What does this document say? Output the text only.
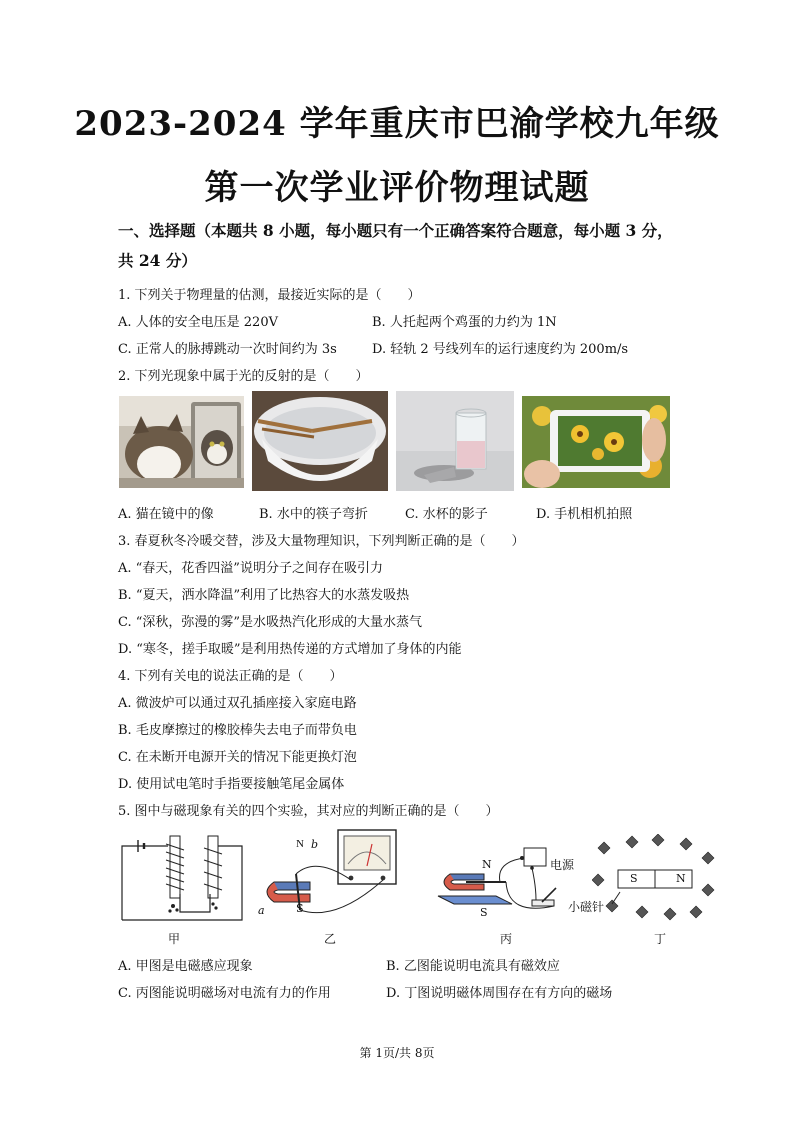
2023-2024 学年重庆市巴渝学校九年级
第一次学业评价物理试题
一、选择题（本题共 8 小题，每小题只有一个正确答案符合题意，每小题 3 分，
共 24 分）
1. 下列关于物理量的估测，最接近实际的是（　　）
A. 人体的安全电压是 220V	B. 人托起两个鸡蛋的力约为 1N
C. 正常人的脉搏跳动一次时间约为 3s	D. 轻轨 2 号线列车的运行速度约为 200m/s
2. 下列光现象中属于光的反射的是（　　）
A. 猫在镜中的像	B. 水中的筷子弯折	C. 水杯的影子	D. 手机相机拍照
3. 春夏秋冬冷暖交替，涉及大量物理知识，下列判断正确的是（　　）
A. “春天，花香四溢”说明分子之间存在吸引力
B. “夏天，洒水降温”利用了比热容大的水蒸发吸热
C. “深秋，弥漫的雾”是水吸热汽化形成的大量水蒸气
D. “寒冬，搓手取暖”是利用热传递的方式增加了身体的内能
4. 下列有关电的说法正确的是（　　）
A. 微波炉可以通过双孔插座接入家庭电路
B. 毛皮摩擦过的橡胶棒失去电子而带负电
C. 在未断开电源开关的情况下能更换灯泡
D. 使用试电笔时手指要接触笔尾金属体
5. 图中与磁现象有关的四个实验，其对应的判断正确的是（　　）
甲
N b
a	S
乙
N
S
电源
丙
S	N
小磁针
丁
A. 甲图是电磁感应现象	B. 乙图能说明电流具有磁效应
C. 丙图能说明磁场对电流有力的作用	D. 丁图说明磁体周围存在有方向的磁场
第 1页/共 8页
